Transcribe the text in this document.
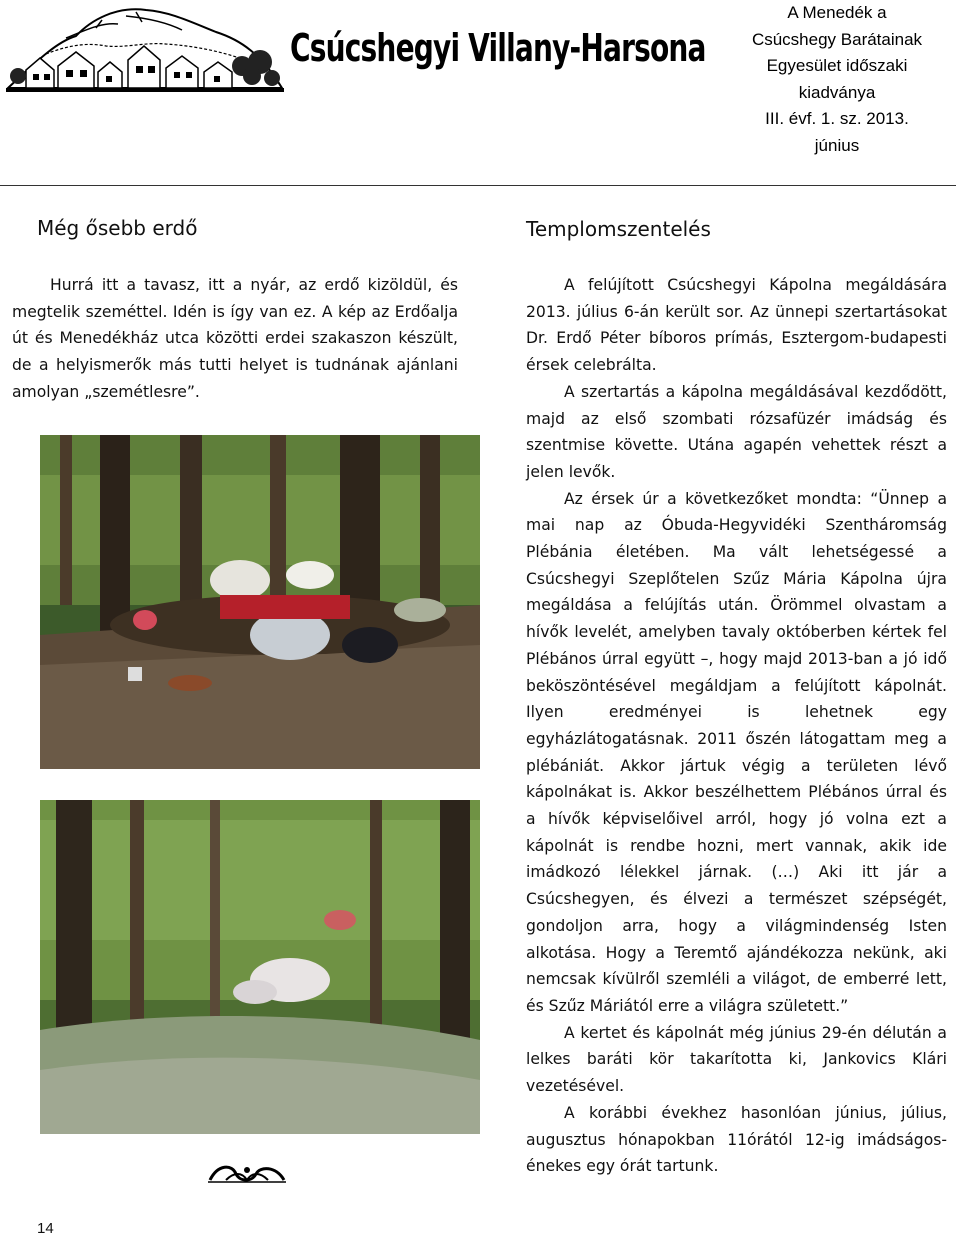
Csúcshegyi Villany-Harsona
A Menedék a
Csúcshegy Barátainak
Egyesület időszaki
kiadványa
III. évf. 1. sz. 2013.
június
Még ősebb erdő

Hurrá itt a tavasz, itt a nyár, az erdő kizöldül, és megtelik szeméttel. Idén is így van ez. A kép az Erdőalja út és Menedékház utca közötti erdei szakaszon készült, de a helyismerők más tutti helyet is tudnának ajánlani amolyan „szemétlesre”.

Templomszentelés

A felújított Csúcshegyi Kápolna megáldására 2013. július 6-án került sor. Az ünnepi szertartásokat Dr. Erdő Péter bíboros prímás, Esztergom-budapesti érsek celebrálta.

A szertartás a kápolna megáldásával kezdődött, majd az első szombati rózsafüzér imádság és szentmise követte. Utána agapén vehettek részt a jelen levők.

Az érsek úr a következőket mondta: “Ünnep a mai nap az Óbuda-Hegyvidéki Szentháromság Plébánia életében. Ma vált lehetségessé a Csúcshegyi Szeplőtelen Szűz Mária Kápolna újra megáldása a felújítás után. Örömmel olvastam a hívők levelét, amelyben tavaly októberben kértek fel Plébános úrral együtt –, hogy majd 2013-ban a jó idő beköszöntésével megáldjam a felújított kápolnát. Ilyen eredményei is lehetnek egy egyházlátogatásnak. 2011 őszén látogattam meg a plébániát. Akkor jártuk végig a területen lévő kápolnákat is. Akkor beszélhettem Plébános úrral és a hívők képviselőivel arról, hogy jó volna ezt a kápolnát is rendbe hozni, mert vannak, akik ide imádkozó lélekkel járnak. (…) Aki itt jár a Csúcshegyen, és élvezi a természet szépségét, gondoljon arra, hogy a világmindenség Isten alkotása. Hogy a Teremtő ajándékozza nekünk, aki nemcsak kívülről szemléli a világot, de emberré lett, és Szűz Máriától erre a világra született.”

A kertet és kápolnát még június 29-én délután a lelkes baráti kör takarította ki, Jankovics Klári vezetésével.

A korábbi évekhez hasonlóan június, július, augusztus hónapokban 11órától 12-ig imádságos-énekes egy órát tartunk.

14
